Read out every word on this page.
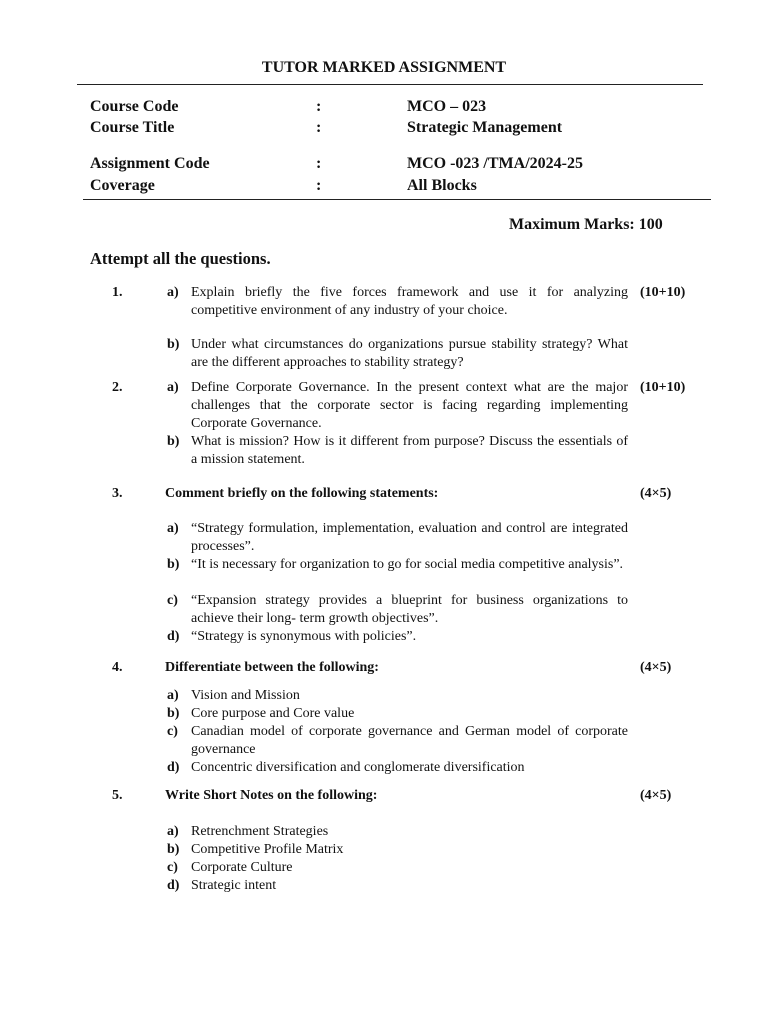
TUTOR MARKED ASSIGNMENT
Course Code	:	MCO – 023
Course Title	:	Strategic Management
Assignment Code	:	MCO -023 /TMA/2024-25
Coverage	:	All Blocks
Maximum Marks: 100
Attempt all the questions.
1.	(10+10)
a) Explain briefly the five forces framework and use it for analyzing competitive environment of any industry of your choice.
b) Under what circumstances do organizations pursue stability strategy? What are the different approaches to stability strategy?
2.	(10+10)
a) Define Corporate Governance. In the present context what are the major challenges that the corporate sector is facing regarding implementing Corporate Governance.
b) What is mission? How is it different from purpose? Discuss the essentials of a mission statement.
3.	Comment briefly on the following statements:	(4×5)
a) “Strategy formulation, implementation, evaluation and control are integrated processes”.
b) “It is necessary for organization to go for social media competitive analysis”.
c) “Expansion strategy provides a blueprint for business organizations to achieve their long- term growth objectives”.
d) “Strategy is synonymous with policies”.
4.	Differentiate between the following:	(4×5)
a) Vision and Mission
b) Core purpose and Core value
c) Canadian model of corporate governance and German model of corporate governance
d) Concentric diversification and conglomerate diversification
5.	Write Short Notes on the following:	(4×5)
a) Retrenchment Strategies
b) Competitive Profile Matrix
c) Corporate Culture
d) Strategic intent
